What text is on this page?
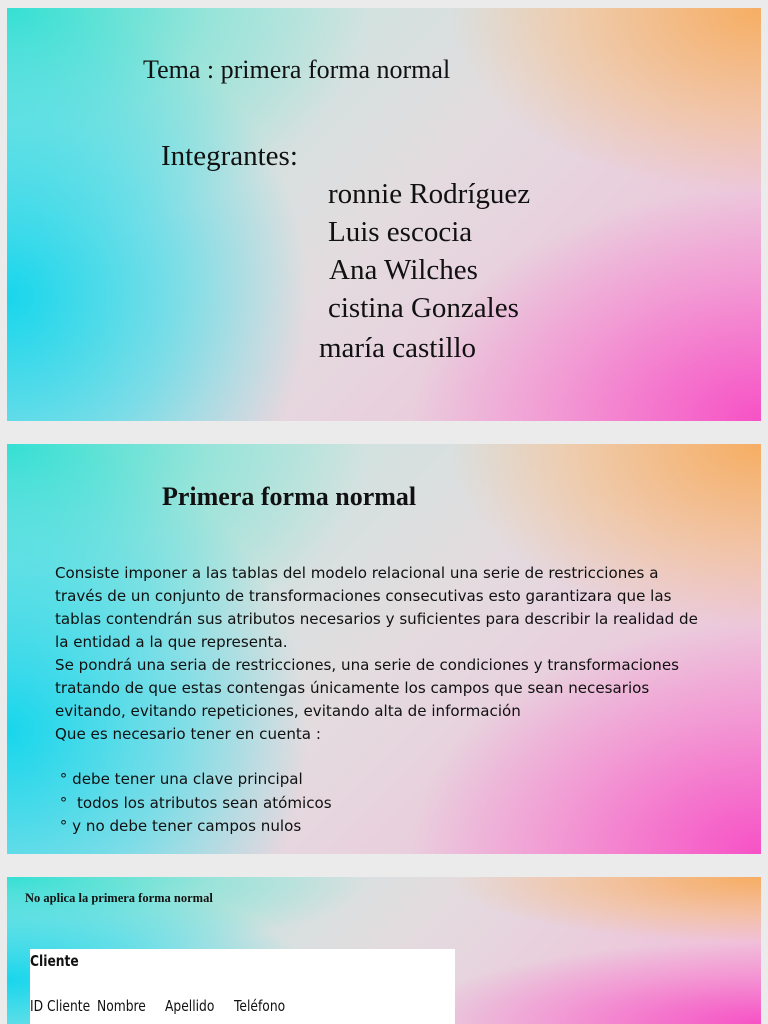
Tema : primera forma normal
Integrantes:
ronnie Rodríguez
Luis escocia
Ana Wilches
cistina Gonzales
maría castillo
Primera forma normal
Consiste imponer a las tablas del modelo relacional una serie de restricciones a
través de un conjunto de transformaciones consecutivas esto garantizara que las
tablas contendrán sus atributos necesarios y suficientes para describir la realidad de
la entidad a la que representa.
Se pondrá una seria de restricciones, una serie de condiciones y transformaciones
tratando de que estas contengas únicamente los campos que sean necesarios
evitando, evitando repeticiones, evitando alta de información
Que es necesario tener en cuenta :
° debe tener una clave principal
°  todos los atributos sean atómicos
° y no debe tener campos nulos
No aplica la primera forma normal
Cliente
ID Cliente Nombre Apellido Teléfono
